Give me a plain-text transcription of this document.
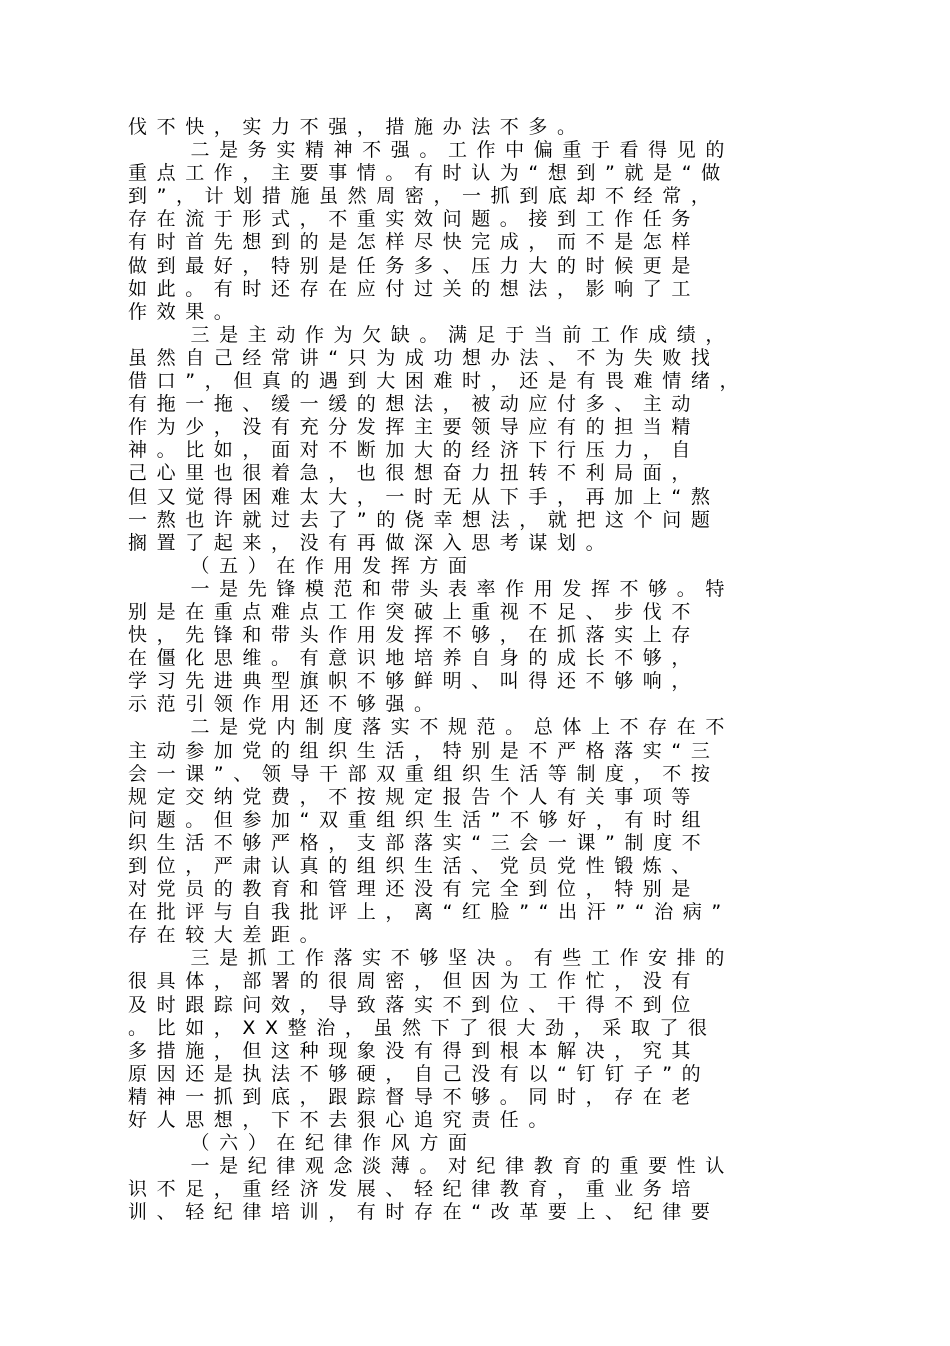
伐不快，实力不强，措施办法不多。
二是务实精神不强。工作中偏重于看得见的
重点工作，主要事情。有时认为“想到”就是“做
到”，计划措施虽然周密，一抓到底却不经常，
存在流于形式，不重实效问题。接到工作任务
有时首先想到的是怎样尽快完成，而不是怎样
做到最好，特别是任务多、压力大的时候更是
如此。有时还存在应付过关的想法，影响了工
作效果。
三是主动作为欠缺。满足于当前工作成绩，
虽然自己经常讲“只为成功想办法、不为失败找
借口”，但真的遇到大困难时，还是有畏难情绪，
有拖一拖、缓一缓的想法，被动应付多、主动
作为少，没有充分发挥主要领导应有的担当精
神。比如，面对不断加大的经济下行压力，自
己心里也很着急，也很想奋力扭转不利局面，
但又觉得困难太大，一时无从下手，再加上“熬
一熬也许就过去了”的侥幸想法，就把这个问题
搁置了起来，没有再做深入思考谋划。
（五）在作用发挥方面
一是先锋模范和带头表率作用发挥不够。特
别是在重点难点工作突破上重视不足、步伐不
快，先锋和带头作用发挥不够，在抓落实上存
在僵化思维。有意识地培养自身的成长不够，
学习先进典型旗帜不够鲜明、叫得还不够响，
示范引领作用还不够强。
二是党内制度落实不规范。总体上不存在不
主动参加党的组织生活，特别是不严格落实“三
会一课”、领导干部双重组织生活等制度，不按
规定交纳党费，不按规定报告个人有关事项等
问题。但参加“双重组织生活”不够好，有时组
织生活不够严格，支部落实“三会一课”制度不
到位，严肃认真的组织生活、党员党性锻炼、
对党员的教育和管理还没有完全到位，特别是
在批评与自我批评上，离“红脸”“出汗”“治病”
存在较大差距。
三是抓工作落实不够坚决。有些工作安排的
很具体，部署的很周密，但因为工作忙，没有
及时跟踪问效，导致落实不到位、干得不到位
。比如，XX整治，虽然下了很大劲，采取了很
多措施，但这种现象没有得到根本解决，究其
原因还是执法不够硬，自己没有以“钉钉子”的
精神一抓到底，跟踪督导不够。同时，存在老
好人思想，下不去狠心追究责任。
（六）在纪律作风方面
一是纪律观念淡薄。对纪律教育的重要性认
识不足，重经济发展、轻纪律教育，重业务培
训、轻纪律培训，有时存在“改革要上、纪律要
